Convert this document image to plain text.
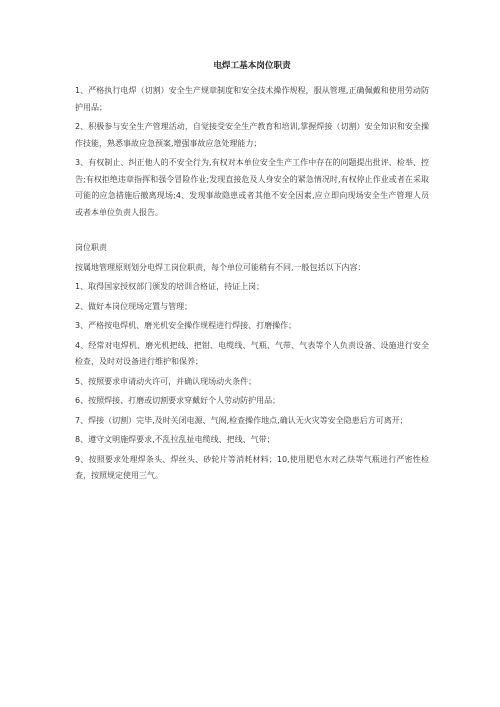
电焊工基本岗位职责

1、严格执行电焊（切割）安全生产规章制度和安全技术操作规程，服从管理,正确佩戴和使用劳动防护用品；

2、积极参与安全生产管理活动，自觉接受安全生产教育和培训,掌握焊接（切割）安全知识和安全操作技能，熟悉事故应急预案,增强事故应急处理能力；

3、有权制止、纠正他人的不安全行为,有权对本单位安全生产工作中存在的问题提出批评、检举、控告;有权拒绝违章指挥和强令冒险作业;发现直接危及人身安全的紧急情况时,有权停止作业或者在采取可能的应急措施后撤离现场;4、发现事故隐患或者其他不安全因素,应立即向现场安全生产管理人员或者本单位负责人报告。

岗位职责

按属地管理原则划分电焊工岗位职责，每个单位可能稍有不同,一般包括以下内容：

1、取得国家授权部门颁发的培训合格证，持证上岗；

2、做好本岗位现场定置与管理；

3、严格按电焊机、磨光机安全操作规程进行焊接、打磨操作；

4、经常对电焊机、磨光机把线、把钳、电缆线、气瓶、气带、气表等个人负责设备、设施进行安全检查，及时对设备进行维护和保养；

5、按照要求申请动火许可，并确认现场动火条件；

6、按照焊接、打磨或切割要求穿戴好个人劳动防护用品；

7、焊接（切割）完毕,及时关闭电源、气阀,检查操作地点,确认无火灾等安全隐患后方可离开；

8、遵守文明施焊要求,不乱拉乱扯电缆线、把线、气带；

9、按照要求处理焊条头、焊丝头、砂轮片等消耗材料；10,使用肥皂水对乙炔等气瓶进行严密性检查，按照规定使用三气。
